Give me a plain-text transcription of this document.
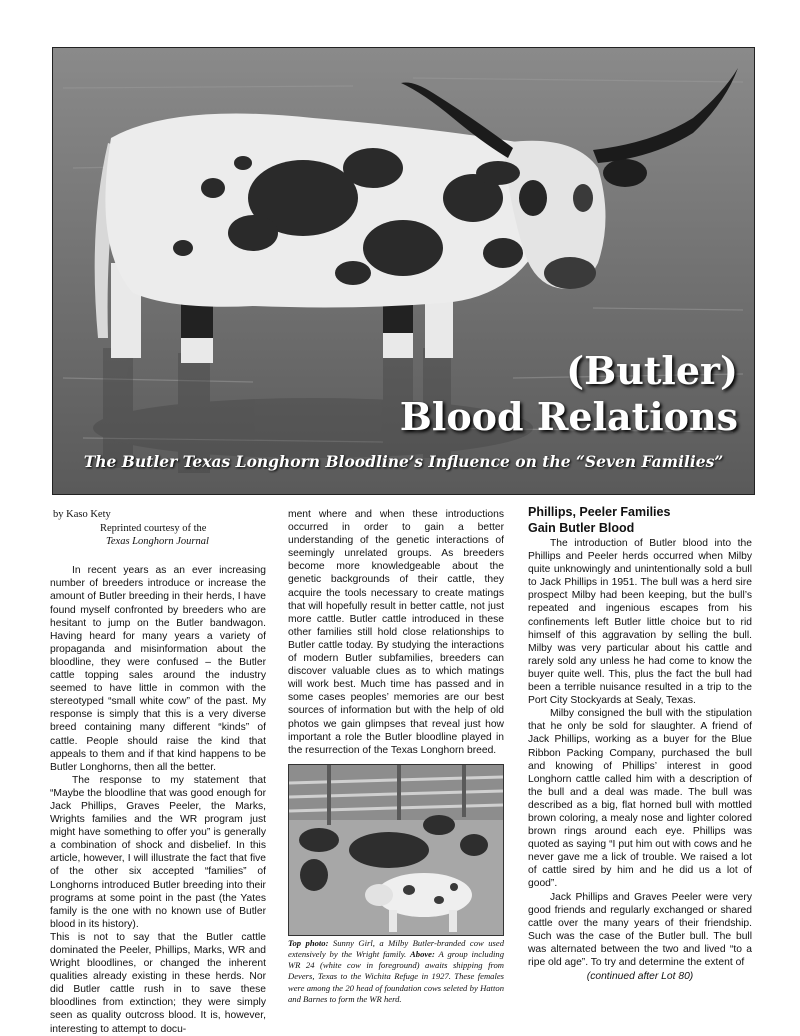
(Butler)
Blood Relations
The Butler Texas Longhorn Bloodline’s Influence on the “Seven Families”
by Kaso Kety
Reprinted courtesy of the
Texas Longhorn Journal

In recent years as an ever increasing number of breeders introduce or increase the amount of Butler breeding in their herds, I have found myself confronted by breeders who are hesitant to jump on the Butler bandwagon. Having heard for many years a variety of propaganda and misinformation about the bloodline, they were confused – the Butler cattle topping sales around the industry seemed to have little in common with the stereotyped “small white cow” of the past. My response is simply that this is a very diverse breed containing many different “kinds” of cattle. People should raise the kind that appeals to them and if that kind happens to be Butler Longhorns, then all the better.

The response to my statement that “Maybe the bloodline that was good enough for Jack Phillips, Graves Peeler, the Marks, Wrights families and the WR program just might have something to offer you” is generally a combination of shock and disbelief. In this article, however, I will illustrate the fact that five of the other six accepted “families” of Longhorns introduced Butler breeding into their programs at some point in the past (the Yates family is the one with no known use of Butler blood in its history).

This is not to say that the Butler cattle dominated the Peeler, Phillips, Marks, WR and Wright bloodlines, or changed the inherent qualities already existing in these herds. Nor did Butler cattle rush in to save these bloodlines from extinction; they were simply seen as quality outcross blood. It is, however, interesting to attempt to docu-

ment where and when these introductions occurred in order to gain a better understanding of the genetic interactions of seemingly unrelated groups. As breeders become more knowledgeable about the genetic backgrounds of their cattle, they acquire the tools necessary to create matings that will hopefully result in better cattle, not just more cattle. Butler cattle introduced in these other families still hold close relationships to Butler cattle today. By studying the interactions of modern Butler subfamilies, breeders can discover valuable clues as to which matings will work best. Much time has passed and in some cases peoples’ memories are our best sources of information but with the help of old photos we gain glimpses that reveal just how important a role the Butler bloodline played in the resurrection of the Texas Longhorn breed.

Top photo: Sunny Girl, a Milby Butler-branded cow used extensively by the Wright family. Above: A group including WR 24 (white cow in foreground) awaits shipping from Devers, Texas to the Wichita Refuge in 1927. These females were among the 20 head of foundation cows seleted by Hatton and Barnes to form the WR herd.
Phillips, Peeler Families
Gain Butler Blood

The introduction of Butler blood into the Phillips and Peeler herds occurred when Milby quite unknowingly and unintentionally sold a bull to Jack Phillips in 1951. The bull was a herd sire prospect Milby had been keeping, but the bull’s repeated and ingenious escapes from his confinements left Butler little choice but to rid himself of this aggravation by selling the bull. Milby was very particular about his cattle and rarely sold any unless he had come to know the buyer quite well. This, plus the fact the bull had been a terrible nuisance resulted in a trip to the Port City Stockyards at Sealy, Texas.

Milby consigned the bull with the stipulation that he only be sold for slaughter. A friend of Jack Phillips, working as a buyer for the Blue Ribbon Packing Company, purchased the bull and knowing of Phillips’ interest in good Longhorn cattle called him with a description of the bull and a deal was made. The bull was described as a big, flat horned bull with mottled brown coloring, a mealy nose and lighter colored brown rings around each eye. Phillips was quoted as saying “I put him out with cows and he never gave me a lick of trouble. We raised a lot of cattle sired by him and he did us a lot of good”.

Jack Phillips and Graves Peeler were very good friends and regularly exchanged or shared cattle over the many years of their friendship. Such was the case of the Butler bull. The bull was alternated between the two and lived “to a ripe old age”. To try and determine the extent of

(continued after Lot 80)
